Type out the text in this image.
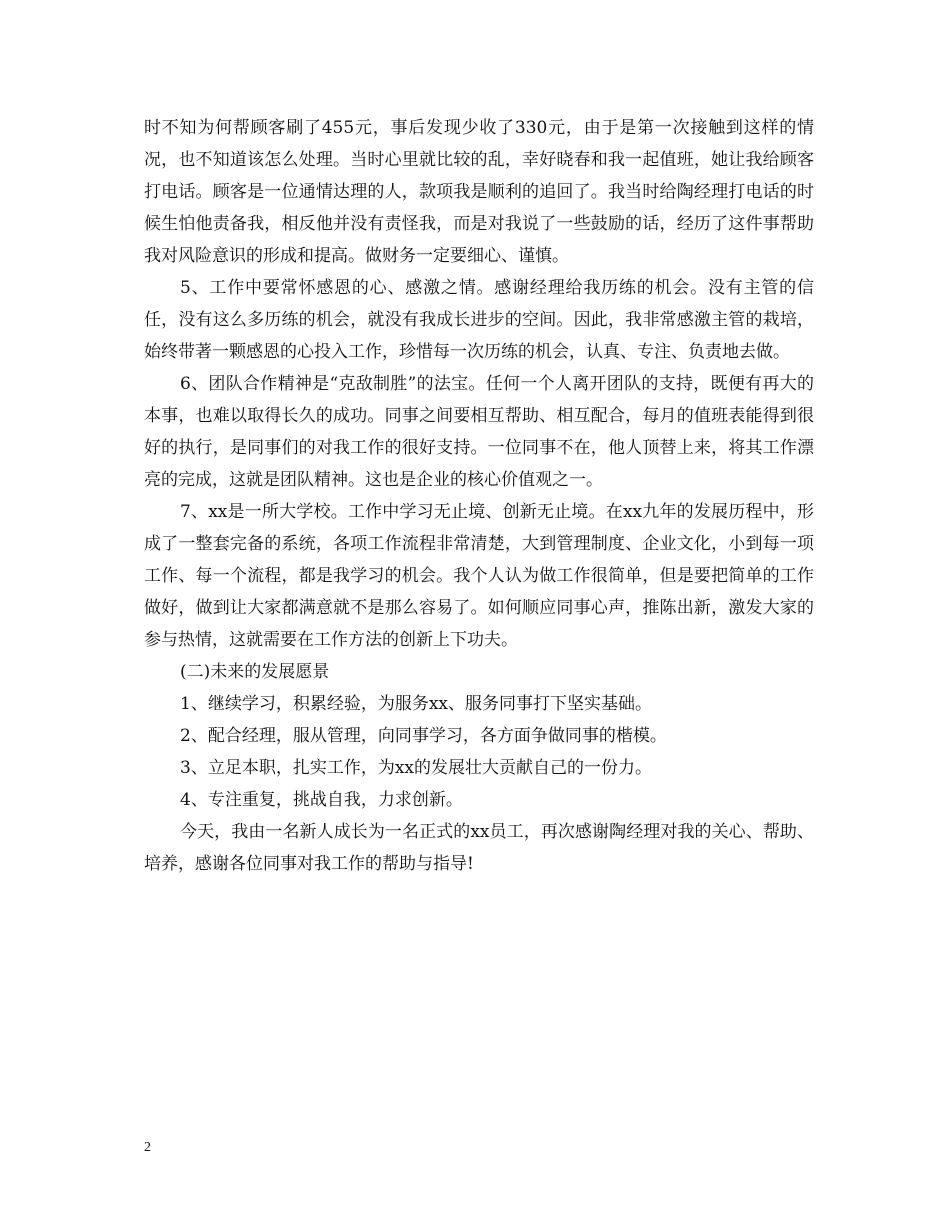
时不知为何帮顾客刷了455元，事后发现少收了330元，由于是第一次接触到这样的情况，也不知道该怎么处理。当时心里就比较的乱，幸好晓春和我一起值班，她让我给顾客打电话。顾客是一位通情达理的人，款项我是顺利的追回了。我当时给陶经理打电话的时候生怕他责备我，相反他并没有责怪我，而是对我说了一些鼓励的话，经历了这件事帮助我对风险意识的形成和提高。做财务一定要细心、谨慎。

5、工作中要常怀感恩的心、感激之情。感谢经理给我历练的机会。没有主管的信任，没有这么多历练的机会，就没有我成长进步的空间。因此，我非常感激主管的栽培，始终带著一颗感恩的心投入工作，珍惜每一次历练的机会，认真、专注、负责地去做。

6、团队合作精神是“克敌制胜”的法宝。任何一个人离开团队的支持，既便有再大的本事，也难以取得长久的成功。同事之间要相互帮助、相互配合，每月的值班表能得到很好的执行，是同事们的对我工作的很好支持。一位同事不在，他人顶替上来，将其工作漂亮的完成，这就是团队精神。这也是企业的核心价值观之一。

7、xx是一所大学校。工作中学习无止境、创新无止境。在xx九年的发展历程中，形成了一整套完备的系统，各项工作流程非常清楚，大到管理制度、企业文化，小到每一项工作、每一个流程，都是我学习的机会。我个人认为做工作很简单，但是要把简单的工作做好，做到让大家都满意就不是那么容易了。如何顺应同事心声，推陈出新，激发大家的参与热情，这就需要在工作方法的创新上下功夫。

(二)未来的发展愿景

1、继续学习，积累经验，为服务xx、服务同事打下坚实基础。

2、配合经理，服从管理，向同事学习，各方面争做同事的楷模。

3、立足本职，扎实工作，为xx的发展壮大贡献自己的一份力。

4、专注重复，挑战自我，力求创新。

今天，我由一名新人成长为一名正式的xx员工，再次感谢陶经理对我的关心、帮助、培养，感谢各位同事对我工作的帮助与指导!

2
